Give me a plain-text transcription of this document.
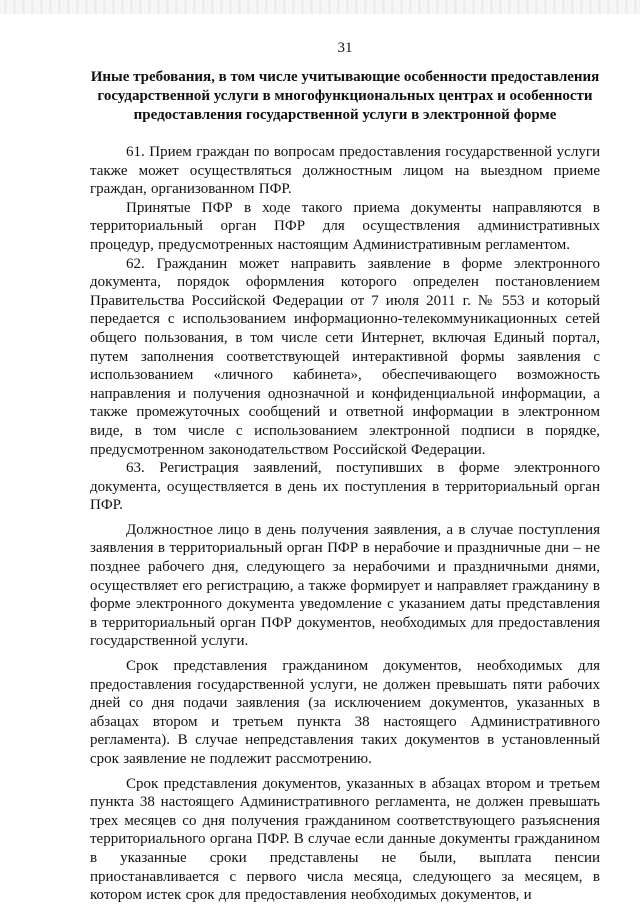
31
Иные требования, в том числе учитывающие особенности предоставления государственной услуги в многофункциональных центрах и особенности предоставления государственной услуги в электронной форме

61. Прием граждан по вопросам предоставления государственной услуги также может осуществляться должностным лицом на выездном приеме граждан, организованном ПФР.

Принятые ПФР в ходе такого приема документы направляются в территориальный орган ПФР для осуществления административных процедур, предусмотренных настоящим Административным регламентом.

62. Гражданин может направить заявление в форме электронного документа, порядок оформления которого определен постановлением Правительства Российской Федерации от 7 июля 2011 г. № 553 и который передается с использованием информационно-телекоммуникационных сетей общего пользования, в том числе сети Интернет, включая Единый портал, путем заполнения соответствующей интерактивной формы заявления с использованием «личного кабинета», обеспечивающего возможность направления и получения однозначной и конфиденциальной информации, а также промежуточных сообщений и ответной информации в электронном виде, в том числе с использованием электронной подписи в порядке, предусмотренном законодательством Российской Федерации.

63. Регистрация заявлений, поступивших в форме электронного документа, осуществляется в день их поступления в территориальный орган ПФР.

Должностное лицо в день получения заявления, а в случае поступления заявления в территориальный орган ПФР в нерабочие и праздничные дни – не позднее рабочего дня, следующего за нерабочими и праздничными днями, осуществляет его регистрацию, а также формирует и направляет гражданину в форме электронного документа уведомление с указанием даты представления в территориальный орган ПФР документов, необходимых для предоставления государственной услуги.

Срок представления гражданином документов, необходимых для предоставления государственной услуги, не должен превышать пяти рабочих дней со дня подачи заявления (за исключением документов, указанных в абзацах втором и третьем пункта 38 настоящего Административного регламента). В случае непредставления таких документов в установленный срок заявление не подлежит рассмотрению.

Срок представления документов, указанных в абзацах втором и третьем пункта 38 настоящего Административного регламента, не должен превышать трех месяцев со дня получения гражданином соответствующего разъяснения территориального органа ПФР. В случае если данные документы гражданином в указанные сроки представлены не были, выплата пенсии приостанавливается с первого числа месяца, следующего за месяцем, в котором истек срок для предоставления необходимых документов, и
